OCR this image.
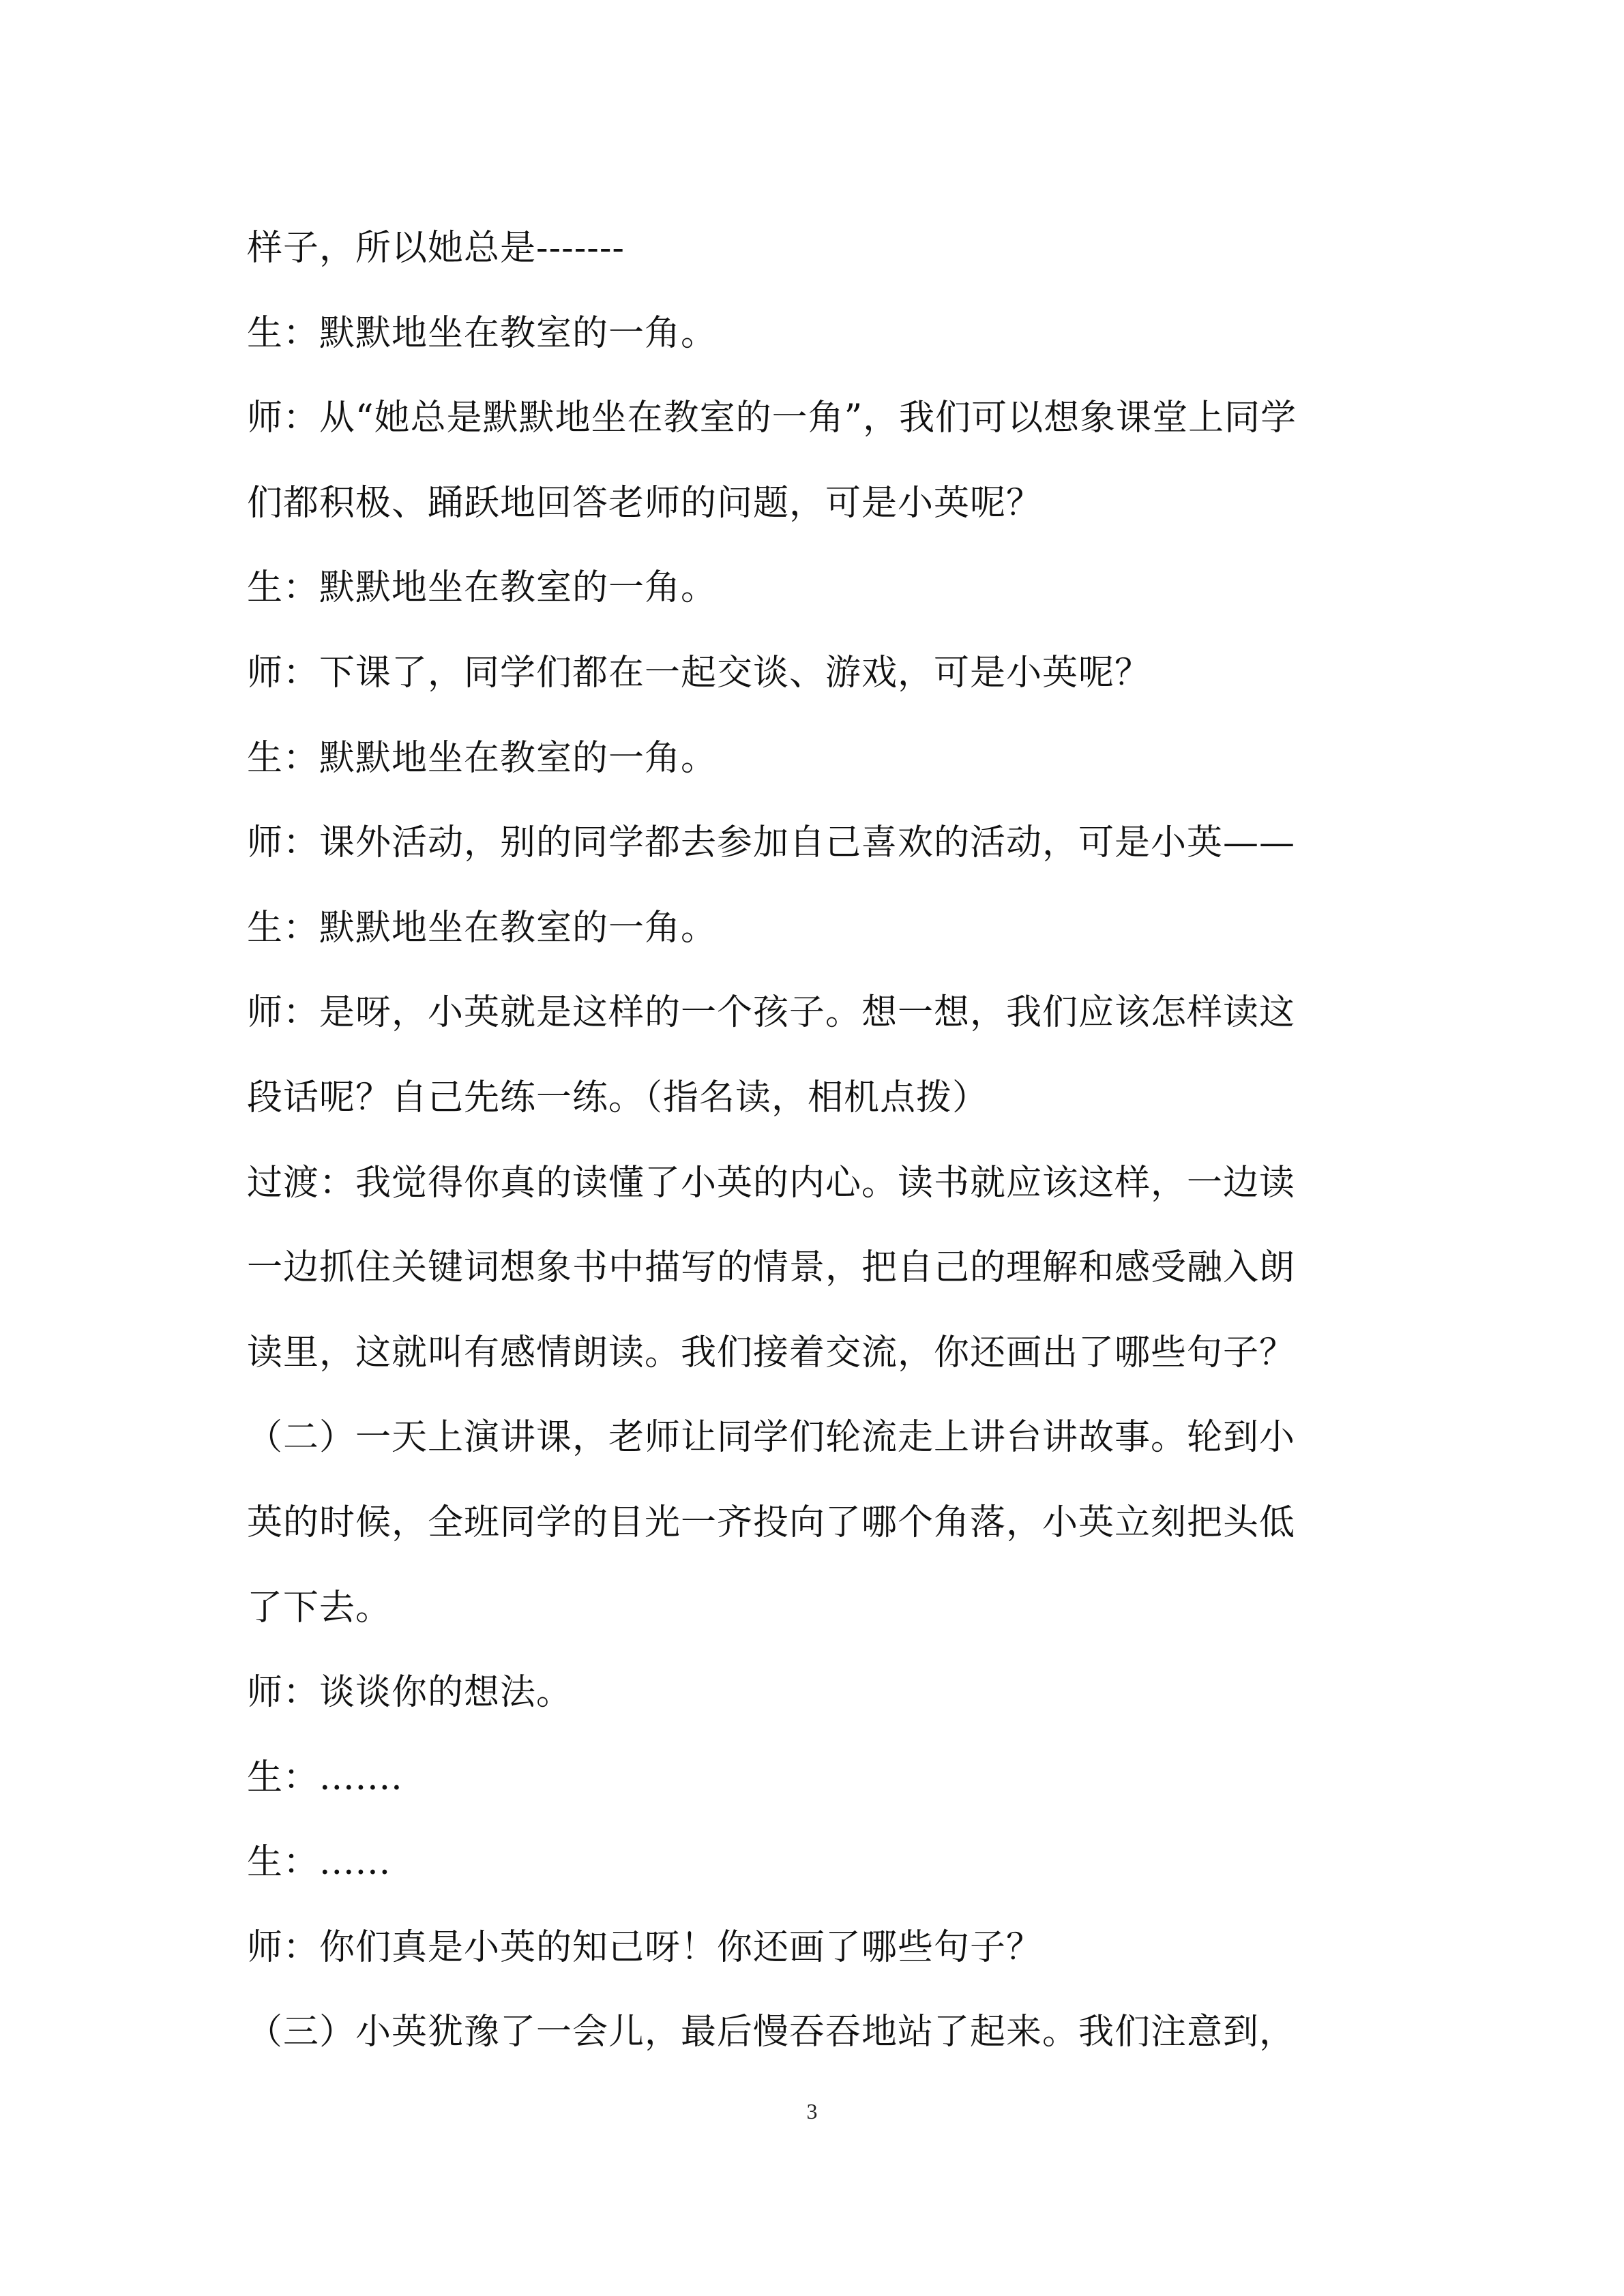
样子，所以她总是-------
生：默默地坐在教室的一角。
师：从“她总是默默地坐在教室的一角”，我们可以想象课堂上同学
们都积极、踊跃地回答老师的问题，可是小英呢？
生：默默地坐在教室的一角。
师：下课了，同学们都在一起交谈、游戏，可是小英呢？
生：默默地坐在教室的一角。
师：课外活动，别的同学都去参加自己喜欢的活动，可是小英——
生：默默地坐在教室的一角。
师：是呀，小英就是这样的一个孩子。想一想，我们应该怎样读这
段话呢？自己先练一练。（指名读，相机点拨）
过渡：我觉得你真的读懂了小英的内心。读书就应该这样，一边读
一边抓住关键词想象书中描写的情景，把自己的理解和感受融入朗
读里，这就叫有感情朗读。我们接着交流，你还画出了哪些句子？
（二）一天上演讲课，老师让同学们轮流走上讲台讲故事。轮到小
英的时候，全班同学的目光一齐投向了哪个角落，小英立刻把头低
了下去。
师：谈谈你的想法。
生：.......
生：......
师：你们真是小英的知己呀！你还画了哪些句子？
（三）小英犹豫了一会儿，最后慢吞吞地站了起来。我们注意到，
3
